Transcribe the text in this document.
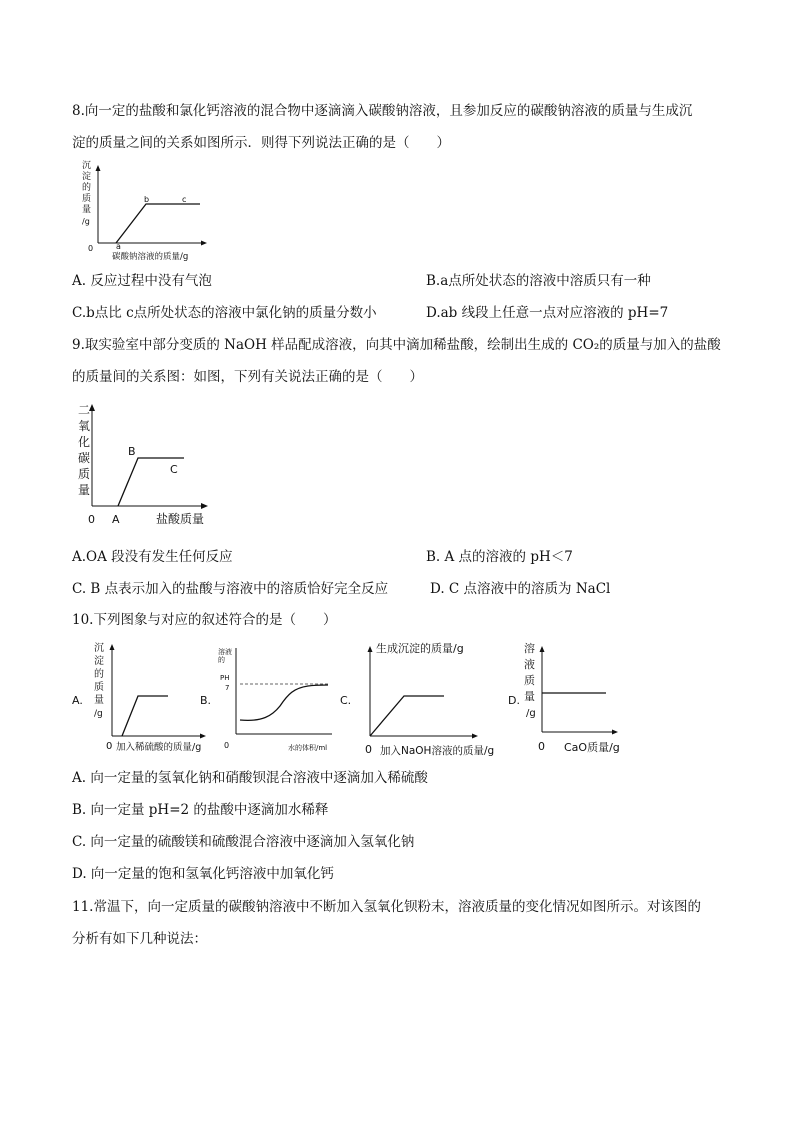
8.向一定的盐酸和氯化钙溶液的混合物中逐滴滴入碳酸钠溶液，且参加反应的碳酸钠溶液的质量与生成沉
淀的质量之间的关系如图所示．则得下列说法正确的是（　　）
沉
淀
的
质
量
/g
0	a
b	c
碳酸钠溶液的质量/g
A. 反应过程中没有气泡	B.a点所处状态的溶液中溶质只有一种
C.b点比 c点所处状态的溶液中氯化钠的质量分数小	D.ab 线段上任意一点对应溶液的 pH=7
9.取实验室中部分变质的 NaOH 样品配成溶液，向其中滴加稀盐酸，绘制出生成的 CO₂的质量与加入的盐酸
的质量间的关系图：如图，下列有关说法正确的是（　　）
二
氧
化
碳
质
量
0 A
B
C
盐酸质量
A.OA 段没有发生任何反应	B. A 点的溶液的 pH＜7
C. B 点表示加入的盐酸与溶液中的溶质恰好完全反应	D. C 点溶液中的溶质为 NaCl
10.下列图象与对应的叙述符合的是（　　）
A.
沉
淀
的
质
量
/g
0 加入稀硫酸的质量/g
B.
溶液
的
PH
7
0	水的体积/ml
C.
生成沉淀的质量/g
0 加入NaOH溶液的质量/g
D.
溶
液
质
量
/g
0 CaO质量/g
A. 向一定量的氢氧化钠和硝酸钡混合溶液中逐滴加入稀硫酸
B. 向一定量 pH=2 的盐酸中逐滴加水稀释
C. 向一定量的硫酸镁和硫酸混合溶液中逐滴加入氢氧化钠
D. 向一定量的饱和氢氧化钙溶液中加氧化钙
11.常温下，向一定质量的碳酸钠溶液中不断加入氢氧化钡粉末，溶液质量的变化情况如图所示。对该图的
分析有如下几种说法：
